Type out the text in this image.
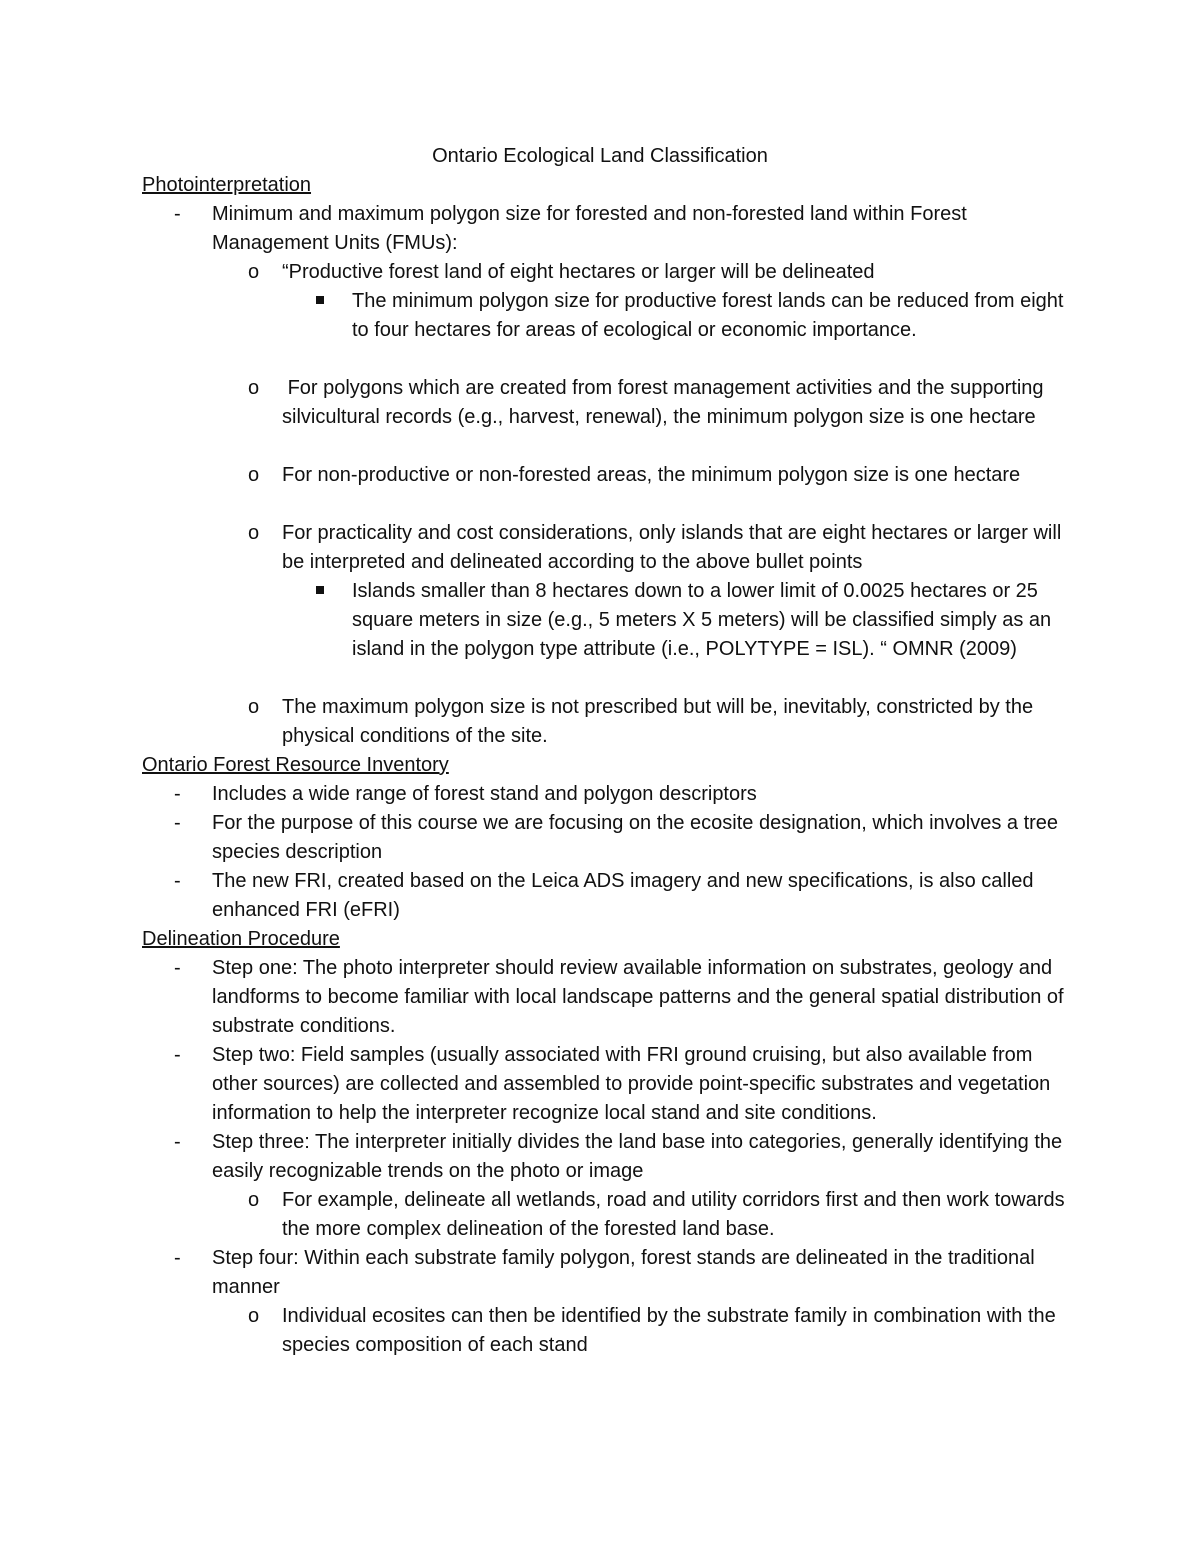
Ontario Ecological Land Classification
Photointerpretation
- Minimum and maximum polygon size for forested and non-forested land within Forest Management Units (FMUs):
o “Productive forest land of eight hectares or larger will be delineated
The minimum polygon size for productive forest lands can be reduced from eight to four hectares for areas of ecological or economic importance.
o For polygons which are created from forest management activities and the supporting silvicultural records (e.g., harvest, renewal), the minimum polygon size is one hectare
o For non-productive or non-forested areas, the minimum polygon size is one hectare
o For practicality and cost considerations, only islands that are eight hectares or larger will be interpreted and delineated according to the above bullet points
Islands smaller than 8 hectares down to a lower limit of 0.0025 hectares or 25 square meters in size (e.g., 5 meters X 5 meters) will be classified simply as an island in the polygon type attribute (i.e., POLYTYPE = ISL). “ OMNR (2009)
o The maximum polygon size is not prescribed but will be, inevitably, constricted by the physical conditions of the site.
Ontario Forest Resource Inventory
- Includes a wide range of forest stand and polygon descriptors
- For the purpose of this course we are focusing on the ecosite designation, which involves a tree species description
- The new FRI, created based on the Leica ADS imagery and new specifications, is also called enhanced FRI (eFRI)
Delineation Procedure
- Step one: The photo interpreter should review available information on substrates, geology and landforms to become familiar with local landscape patterns and the general spatial distribution of substrate conditions.
- Step two: Field samples (usually associated with FRI ground cruising, but also available from other sources) are collected and assembled to provide point-specific substrates and vegetation information to help the interpreter recognize local stand and site conditions.
- Step three: The interpreter initially divides the land base into categories, generally identifying the easily recognizable trends on the photo or image
o For example, delineate all wetlands, road and utility corridors first and then work towards the more complex delineation of the forested land base.
- Step four: Within each substrate family polygon, forest stands are delineated in the traditional manner
o Individual ecosites can then be identified by the substrate family in combination with the species composition of each stand
